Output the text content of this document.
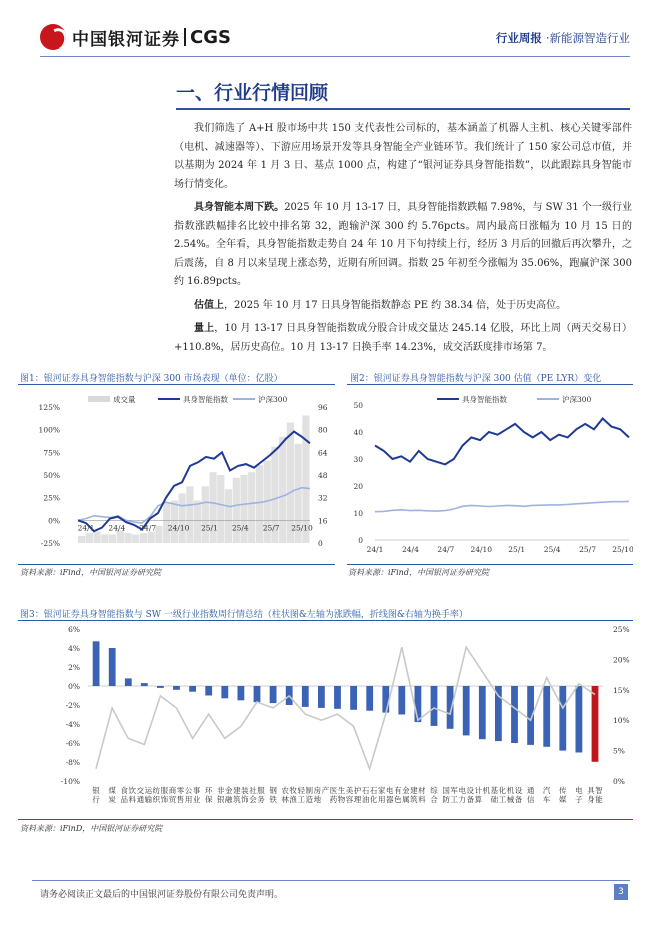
中国银河证券 CGS	行业周报 ·新能源智造行业
一、行业行情回顾

我们筛选了 A+H 股市场中共 150 支代表性公司标的，基本涵盖了机器人主机、核心关键零部件（电机、减速器等）、下游应用场景开发等具身智能全产业链环节。我们统计了 150 家公司总市值，并以基期为 2024 年 1 月 3 日、基点 1000 点，构建了“银河证券具身智能指数”，以此跟踪具身智能市场行情变化。

具身智能本周下跌。2025 年 10 月 13-17 日，具身智能指数跌幅 7.98%，与 SW 31 个一级行业指数涨跌幅排名比较中排名第 32，跑输沪深 300 约 5.76pcts。周内最高日涨幅为 10 月 15 日的 2.54%。全年看，具身智能指数走势自 24 年 10 月下旬持续上行，经历 3 月后的回撤后再次攀升，之后震荡，自 8 月以来呈现上涨态势，近期有所回调。指数 25 年初至今涨幅为 35.06%，跑赢沪深 300 约 16.89pcts。

估值上，2025 年 10 月 17 日具身智能指数静态 PE 约 38.34 倍，处于历史高位。

量上，10 月 13-17 日具身智能指数成分股合计成交量达 245.14 亿股，环比上周（两天交易日）+110.8%，居历史高位。10 月 13-17 日换手率 14.23%，成交活跃度排市场第 7。

图1：银河证券具身智能指数与沪深 300 市场表现（单位：亿股）
成交量	具身智能指数	沪深300
125%
100%
75%
50%
25%
0%
-25%
96
80
64
48
32
16
0
24/1 24/4 24/7 24/10 25/1 25/4 25/7 25/10
资料来源：iFind，中国银河证券研究院
图2：银河证券具身智能指数与沪深 300 估值（PE LYR）变化
具身智能指数	沪深300
50
40
30
20
10
0
24/1 24/4 24/7 24/10 25/1 25/4 25/7 25/10
资料来源：iFind，中国银河证券研究院
图3：银河证券具身智能指数与 SW 一级行业指数周行情总结（柱状图&左轴为涨跌幅，折线图&右轴为换手率）
6%
4%
2%
0%
-2%
-4%
-6%
-8%
-10%
25%
20%
15%
10%
5%
0%
银行
煤炭
食品饮料
交通运输
纺织服饰
商贸零售
公用事业
环保
非银金融
建筑装饰
社会服务
钢铁
农林牧渔
轻工制造
房地产 医药生物
美容护理
石油石化
家用电器
有色金属
建筑材料
综合
国防军工
电力设备
计算机 基础化工
机械设备
通信
汽车
传媒
电子
具身智能
资料来源：iFinD，中国银河证券研究院
请务必阅读正文最后的中国银河证券股份有限公司免责声明。	3
